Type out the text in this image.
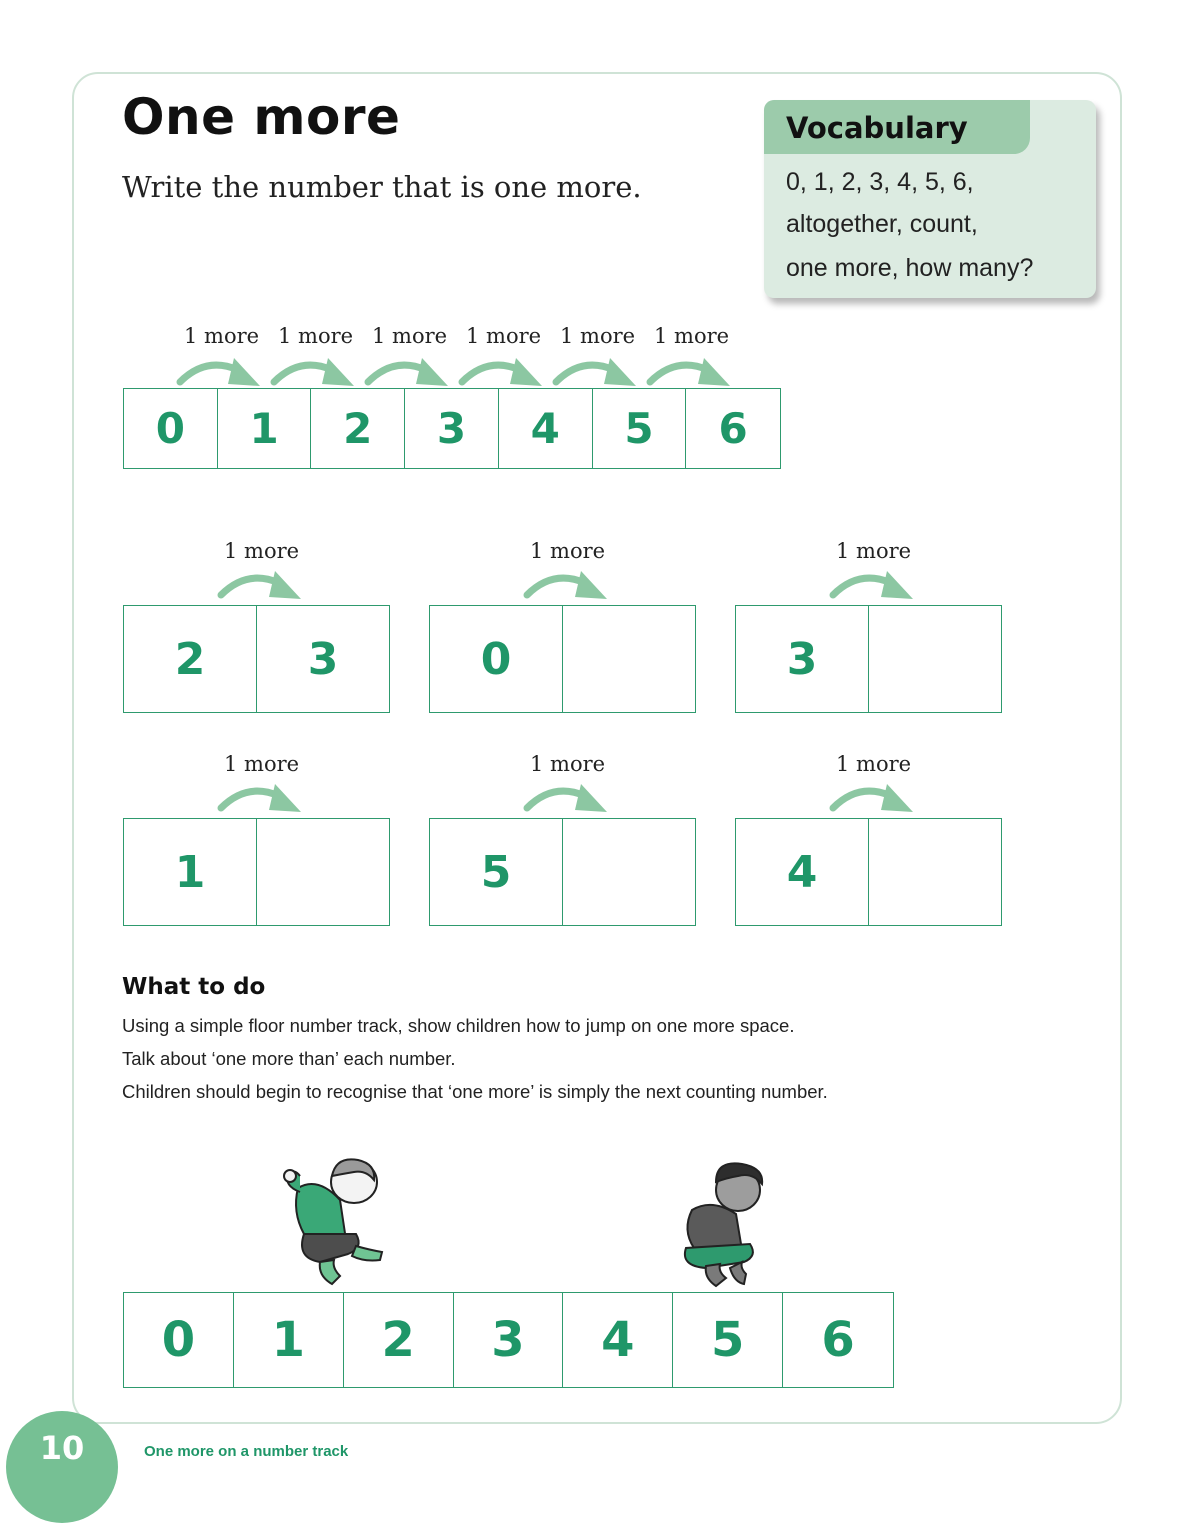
One more

Write the number that is one more.

Vocabulary
0, 1, 2, 3, 4, 5, 6,
altogether, count,
one more, how many?
0	1	2	3	4	5	6
2	3	0	3
1	5	4
1 more 1 more 1 more 1 more 1 more 1 more
1 more	1 more	1 more
1 more	1 more	1 more
What to do
Using a simple floor number track, show children how to jump on one more space.
Talk about ‘one more than’ each number.
Children should begin to recognise that ‘one more’ is simply the next counting number.
0	1	2	3	4	5	6
10	One more on a number track
